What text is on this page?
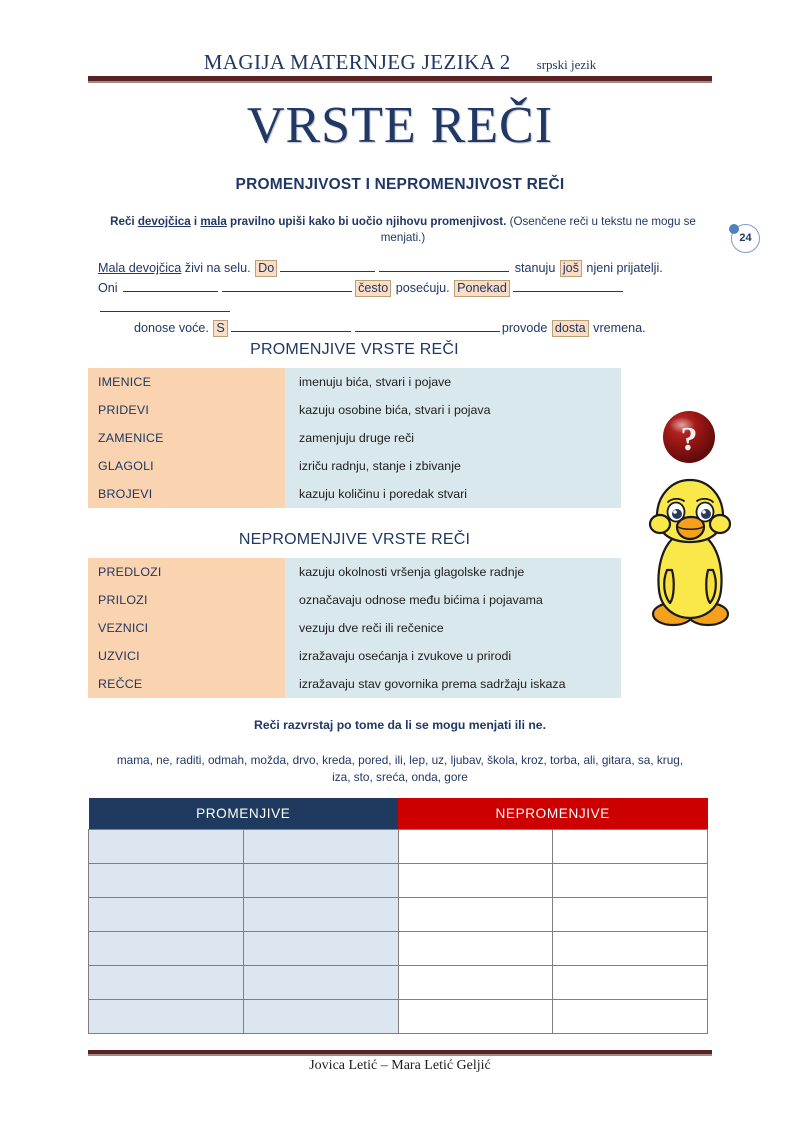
MAGIJA MATERNJEG JEZIKA 2 srpski jezik
VRSTE REČI
PROMENJIVOST I NEPROMENJIVOST REČI
24
Reči devojčica i mala pravilno upiši kako bi uočio njihovu promenjivost. (Osenčene reči u tekstu ne mogu se menjati.)
Mala devojčica živi na selu. Do	stanuju još njeni prijatelji.
Oni	često posećuju. Ponekad
donose voće. S	provode dosta vremena.
PROMENJIVE VRSTE REČI
IMENICE	imenuju bića, stvari i pojave
PRIDEVI	kazuju osobine bića, stvari i pojava
ZAMENICE	zamenjuju druge reči
GLAGOLI	izriču radnju, stanje i zbivanje
BROJEVI	kazuju količinu i poredak stvari
?
NEPROMENJIVE VRSTE REČI
PREDLOZI	kazuju okolnosti vršenja glagolske radnje
PRILOZI	označavaju odnose među bićima i pojavama
VEZNICI	vezuju dve reči ili rečenice
UZVICI	izražavaju osećanja i zvukove u prirodi
REČCE	izražavaju stav govornika prema sadržaju iskaza
Reči razvrstaj po tome da li se mogu menjati ili ne.
mama, ne, raditi, odmah, možda, drvo, kreda, pored, ili, lep, uz, ljubav, škola, kroz, torba, ali, gitara, sa, krug, iza, sto, sreća, onda, gore
PROMENJIVE		NEPROMENJIVE	

Jovica Letić – Mara Letić Geljić
